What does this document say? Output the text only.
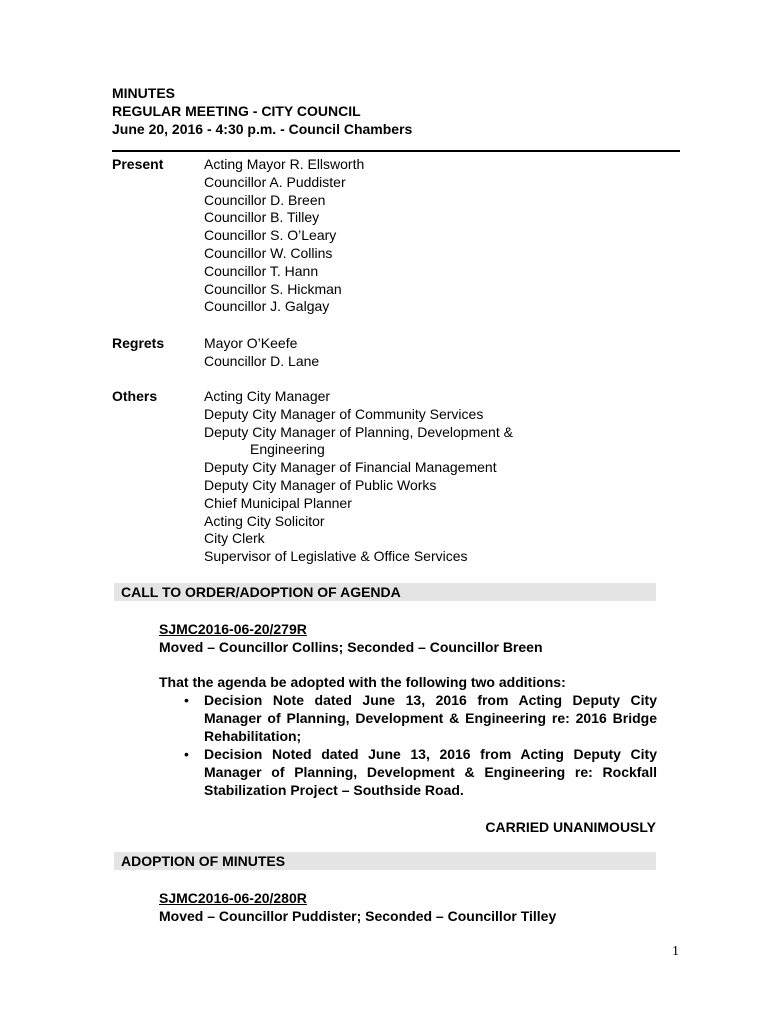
MINUTES
REGULAR MEETING - CITY COUNCIL
June 20, 2016 - 4:30 p.m. - Council Chambers
Present	Acting Mayor R. Ellsworth
Councillor A. Puddister
Councillor D. Breen
Councillor B. Tilley
Councillor S. O’Leary
Councillor W. Collins
Councillor T. Hann
Councillor S. Hickman
Councillor J. Galgay
Regrets	Mayor O’Keefe
Councillor D. Lane
Others	Acting City Manager
Deputy City Manager of Community Services
Deputy City Manager of Planning, Development &
Engineering
Deputy City Manager of Financial Management
Deputy City Manager of Public Works
Chief Municipal Planner
Acting City Solicitor
City Clerk
Supervisor of Legislative & Office Services
CALL TO ORDER/ADOPTION OF AGENDA
SJMC2016-06-20/279R
Moved – Councillor Collins; Seconded – Councillor Breen
That the agenda be adopted with the following two additions:
• Decision Note dated June 13, 2016 from Acting Deputy City Manager of Planning, Development & Engineering re: 2016 Bridge Rehabilitation;
• Decision Noted dated June 13, 2016 from Acting Deputy City Manager of Planning, Development & Engineering re: Rockfall Stabilization Project – Southside Road.
CARRIED UNANIMOUSLY
ADOPTION OF MINUTES
SJMC2016-06-20/280R
Moved – Councillor Puddister; Seconded – Councillor Tilley
1
